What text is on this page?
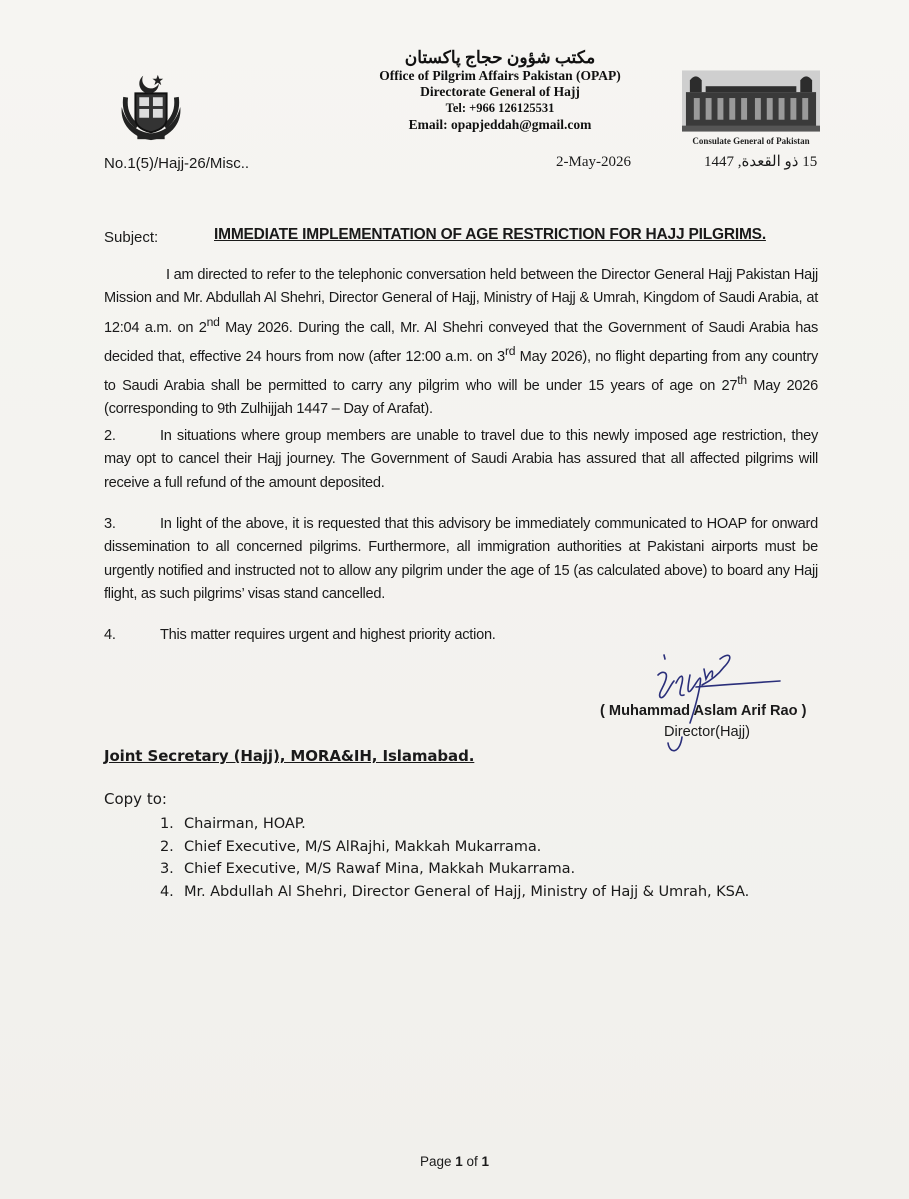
مکتب شؤون حجاج پاکستان
Office of Pilgrim Affairs Pakistan (OPAP)
Directorate General of Hajj
Tel: +966 126125531
Email: opapjeddah@gmail.com
Consulate General of Pakistan
No.1(5)/Hajj-26/Misc..	2-May-2026	15 ذو القعدة, 1447
Subject:	IMMEDIATE IMPLEMENTATION OF AGE RESTRICTION FOR HAJJ PILGRIMS.
I am directed to refer to the telephonic conversation held between the Director General Hajj Pakistan Hajj Mission and Mr. Abdullah Al Shehri, Director General of Hajj, Ministry of Hajj & Umrah, Kingdom of Saudi Arabia, at 12:04 a.m. on 2nd May 2026. During the call, Mr. Al Shehri conveyed that the Government of Saudi Arabia has decided that, effective 24 hours from now (after 12:00 a.m. on 3rd May 2026), no flight departing from any country to Saudi Arabia shall be permitted to carry any pilgrim who will be under 15 years of age on 27th May 2026 (corresponding to 9th Zulhijjah 1447 – Day of Arafat).
2.	In situations where group members are unable to travel due to this newly imposed age restriction, they may opt to cancel their Hajj journey. The Government of Saudi Arabia has assured that all affected pilgrims will receive a full refund of the amount deposited.
3.	In light of the above, it is requested that this advisory be immediately communicated to HOAP for onward dissemination to all concerned pilgrims. Furthermore, all immigration authorities at Pakistani airports must be urgently notified and instructed not to allow any pilgrim under the age of 15 (as calculated above) to board any Hajj flight, as such pilgrims’ visas stand cancelled.
4.	This matter requires urgent and highest priority action.
( Muhammad Aslam Arif Rao )
Director(Hajj)
Joint Secretary (Hajj), MORA&IH, Islamabad.
Copy to:
1. Chairman, HOAP.
2. Chief Executive, M/S AlRajhi, Makkah Mukarrama.
3. Chief Executive, M/S Rawaf Mina, Makkah Mukarrama.
4. Mr. Abdullah Al Shehri, Director General of Hajj, Ministry of Hajj & Umrah, KSA.
Page 1 of 1
